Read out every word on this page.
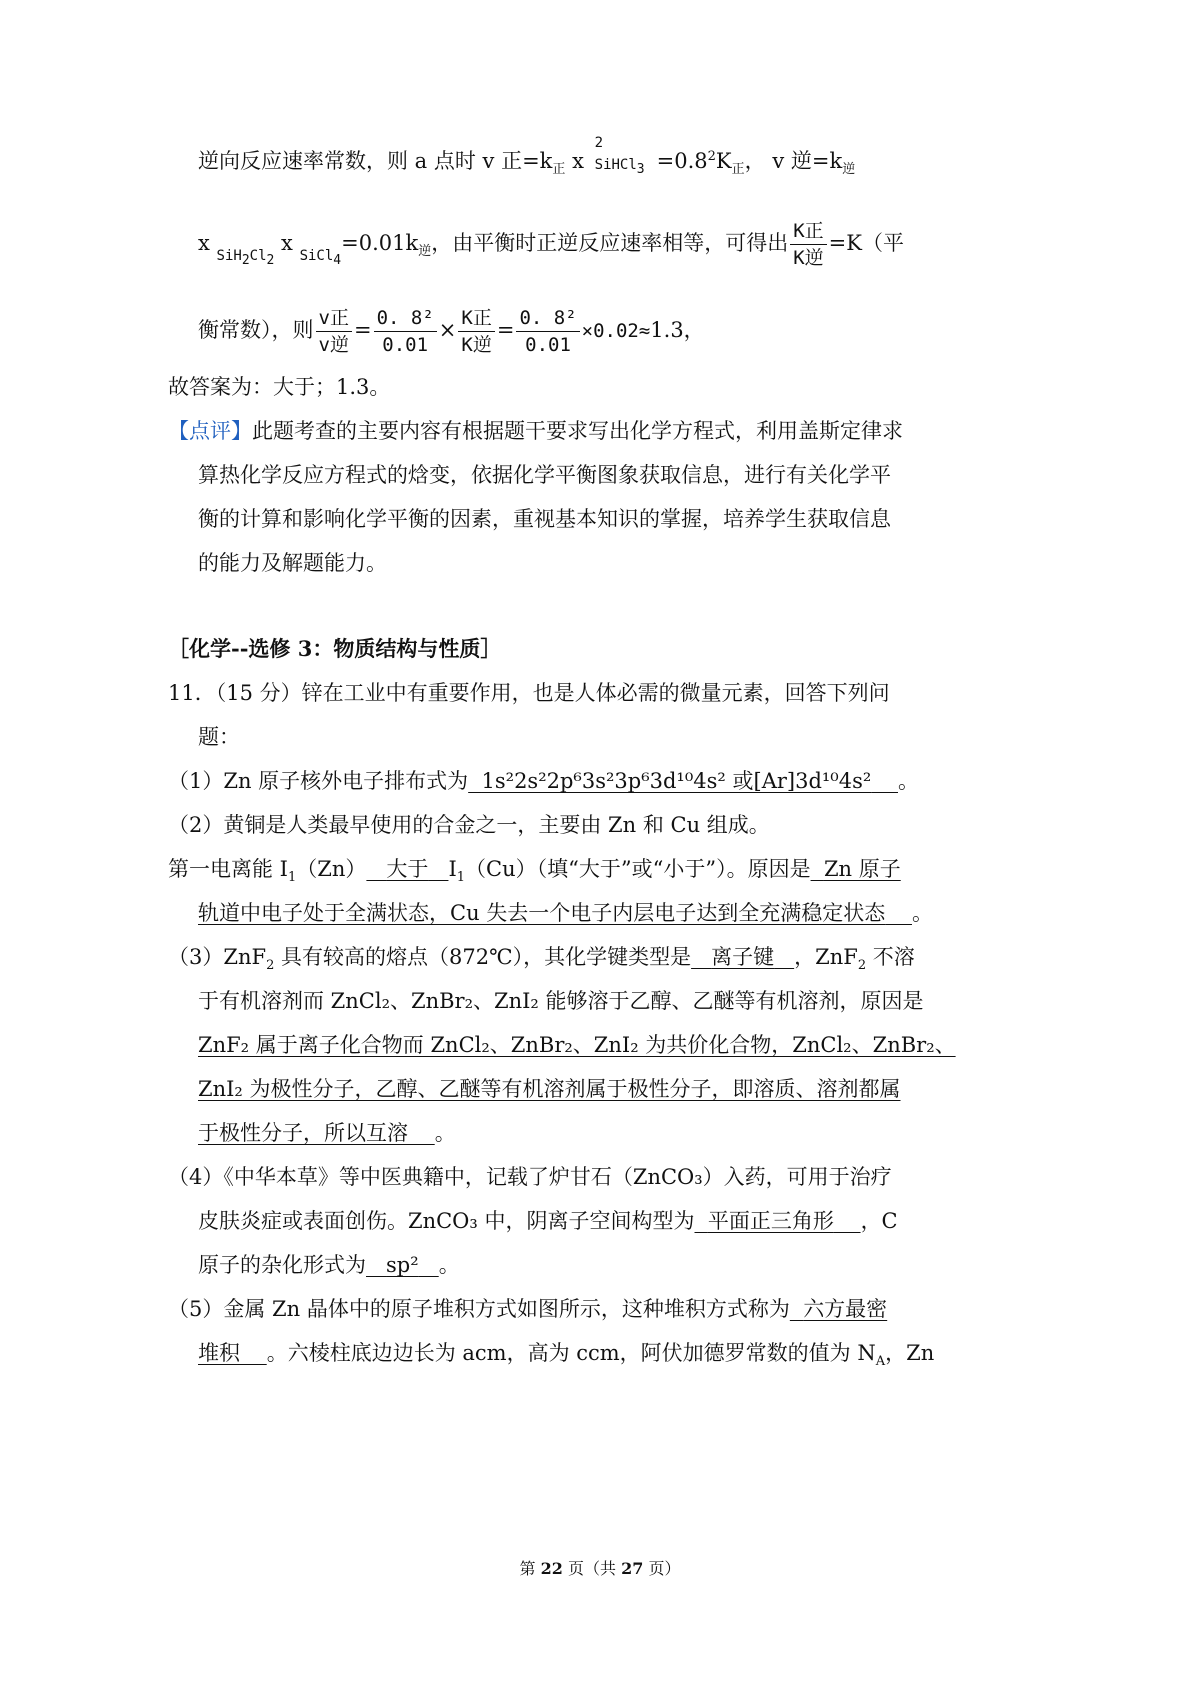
逆向反应速率常数，则 a 点时 v 正$=k_正$ x
2
SiHCl$_3$ $=0.8^2K_正$， v 逆$=k_逆$
x $_{SiH_2Cl_2}$ x $_{SiCl_4}=0.01k_逆$，由平衡时正逆反应速率相等，可得出 $\frac{\text{K正}}{\text{K逆}} =K$（平
衡常数），则 $\frac{\text{v正}}{\text{v逆}} = \frac{\text{0. 8²}}{0.01} \times \frac{\text{K正}}{\text{K逆}} = \frac{\text{0. 8²}}{0.01} \times 0.02\approx 1.3$，
故答案为：大于；1.3。
【点评】此题考查的主要内容有根据题干要求写出化学方程式，利用盖斯定律求
算热化学反应方程式的焓变，依据化学平衡图象获取信息，进行有关化学平
衡的计算和影响化学平衡的因素，重视基本知识的掌握，培养学生获取信息
的能力及解题能力。
［化学--选修 3：物质结构与性质］
11．（15 分）锌在工业中有重要作用，也是人体必需的微量元素，回答下列问
题：
（1）Zn 原子核外电子排布式为 1s²2s²2p⁶3s²3p⁶3d¹⁰4s² 或[Ar]3d¹⁰4s² 。
（2）黄铜是人类最早使用的合金之一，主要由 Zn 和 Cu 组成。
第一电离能 $I_1(Zn)$ 大于 $I_1(Cu)$（填“大于”或“小于”）。原因是 Zn 原子
轨道中电子处于全满状态，Cu 失去一个电子内层电子达到全充满稳定状态 。
（3）ZnF$_2$ 具有较高的熔点（872℃），其化学键类型是 离子键 ，ZnF$_2$ 不溶
于有机溶剂而 ZnCl₂、ZnBr₂、ZnI₂ 能够溶于乙醇、乙醚等有机溶剂，原因是
ZnF₂ 属于离子化合物而 ZnCl₂、ZnBr₂、ZnI₂ 为共价化合物，ZnCl₂、ZnBr₂、
ZnI₂ 为极性分子，乙醇、乙醚等有机溶剂属于极性分子，即溶质、溶剂都属
于极性分子，所以互溶 。
（4）《中华本草》等中医典籍中，记载了炉甘石（ZnCO₃）入药，可用于治疗
皮肤炎症或表面创伤。ZnCO₃ 中，阴离子空间构型为 平面正三角形 ，C
原子的杂化形式为 sp² 。
（5）金属 Zn 晶体中的原子堆积方式如图所示，这种堆积方式称为 六方最密
堆积 。六棱柱底边边长为 acm，高为 ccm，阿伏加德罗常数的值为 $N_A$，Zn
第 22 页（共 27 页）
